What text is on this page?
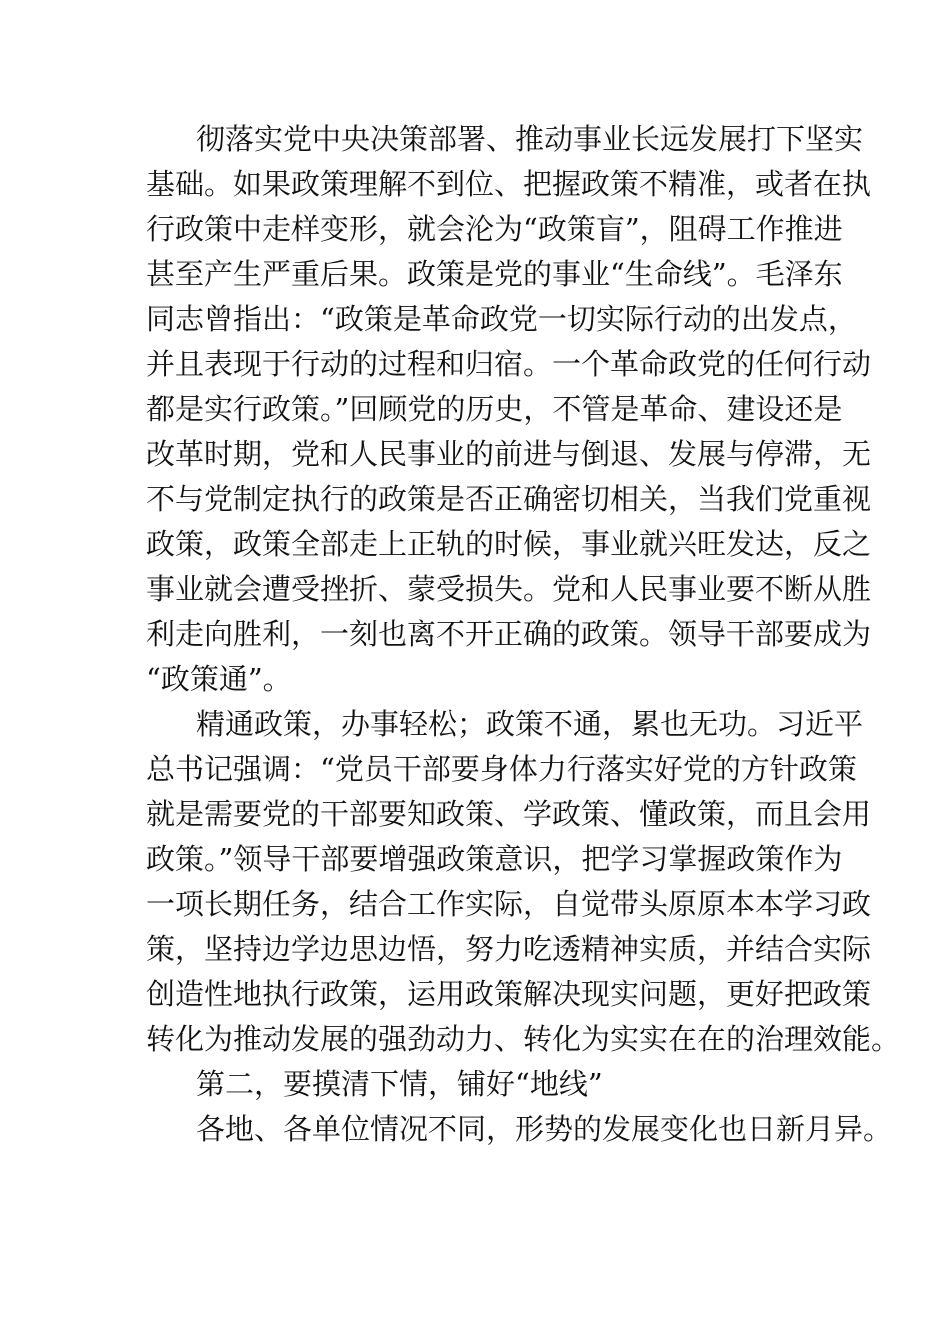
彻落实党中央决策部署、推动事业长远发展打下坚实
基础。如果政策理解不到位、把握政策不精准，或者在执
行政策中走样变形，就会沦为“政策盲”，阻碍工作推进
甚至产生严重后果。政策是党的事业“生命线”。毛泽东
同志曾指出：“政策是革命政党一切实际行动的出发点，
并且表现于行动的过程和归宿。一个革命政党的任何行动
都是实行政策。”回顾党的历史，不管是革命、建设还是
改革时期，党和人民事业的前进与倒退、发展与停滞，无
不与党制定执行的政策是否正确密切相关，当我们党重视
政策，政策全部走上正轨的时候，事业就兴旺发达，反之
事业就会遭受挫折、蒙受损失。党和人民事业要不断从胜
利走向胜利，一刻也离不开正确的政策。领导干部要成为
“政策通”。
精通政策，办事轻松；政策不通，累也无功。习近平
总书记强调：“党员干部要身体力行落实好党的方针政策
就是需要党的干部要知政策、学政策、懂政策，而且会用
政策。”领导干部要增强政策意识，把学习掌握政策作为
一项长期任务，结合工作实际，自觉带头原原本本学习政
策，坚持边学边思边悟，努力吃透精神实质，并结合实际
创造性地执行政策，运用政策解决现实问题，更好把政策
转化为推动发展的强劲动力、转化为实实在在的治理效能。
第二，要摸清下情，铺好“地线”
各地、各单位情况不同，形势的发展变化也日新月异。
